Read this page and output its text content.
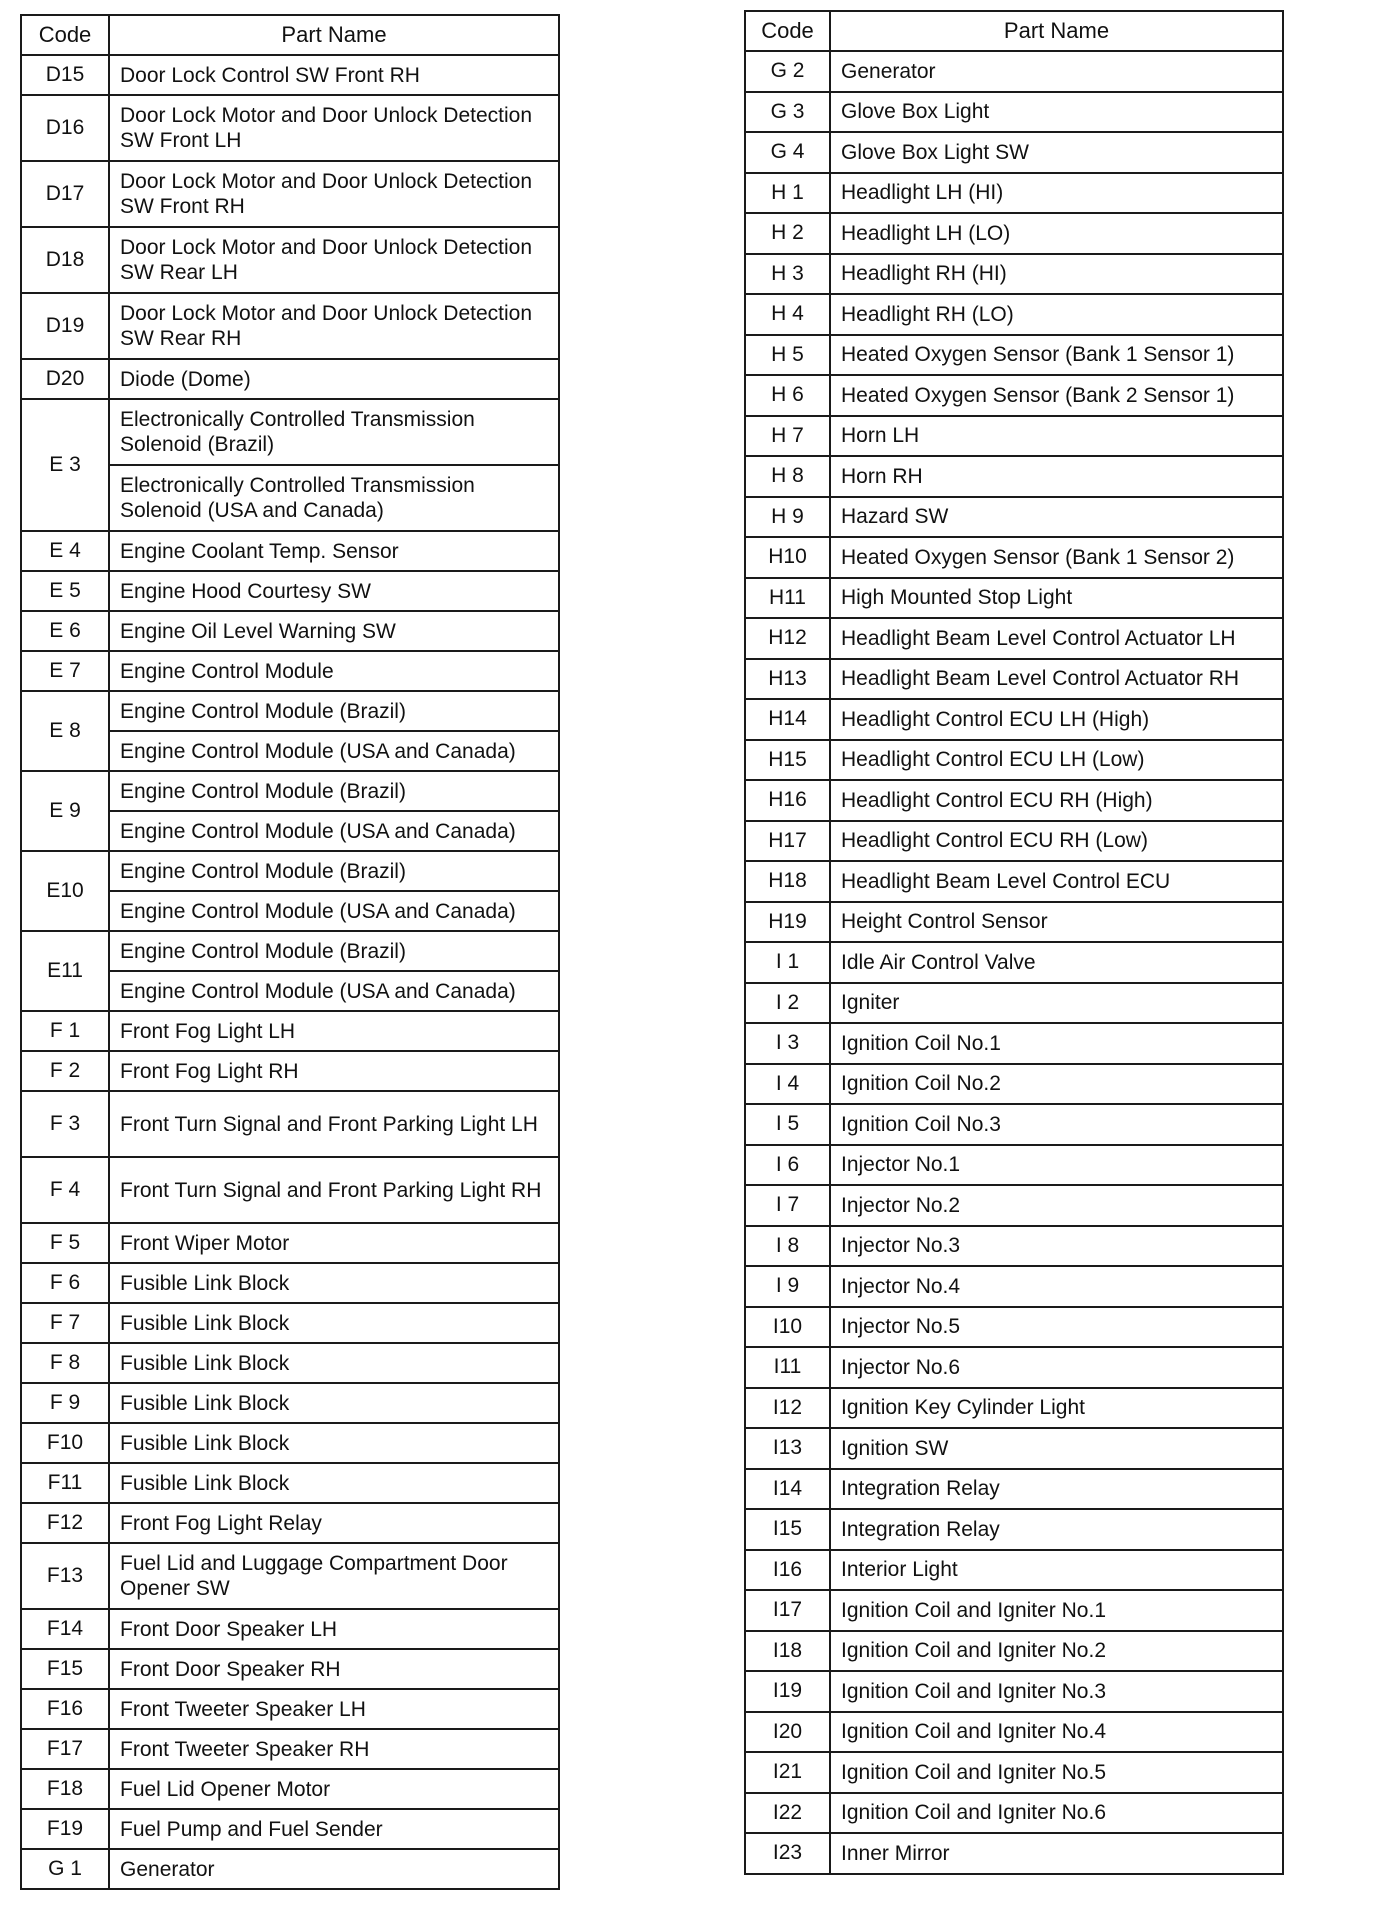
Code	Part Name
D15	Door Lock Control SW Front RH
D16	Door Lock Motor and Door Unlock Detection SW Front LH
D17	Door Lock Motor and Door Unlock Detection SW Front RH
D18	Door Lock Motor and Door Unlock Detection SW Rear LH
D19	Door Lock Motor and Door Unlock Detection SW Rear RH
D20	Diode (Dome)
E 3	Electronically Controlled Transmission Solenoid (Brazil)
	Electronically Controlled Transmission Solenoid (USA and Canada)
E 4	Engine Coolant Temp. Sensor
E 5	Engine Hood Courtesy SW
E 6	Engine Oil Level Warning SW
E 7	Engine Control Module
E 8	Engine Control Module (Brazil)
	Engine Control Module (USA and Canada)
E 9	Engine Control Module (Brazil)
	Engine Control Module (USA and Canada)
E10	Engine Control Module (Brazil)
	Engine Control Module (USA and Canada)
E11	Engine Control Module (Brazil)
	Engine Control Module (USA and Canada)
F 1	Front Fog Light LH
F 2	Front Fog Light RH
F 3	Front Turn Signal and Front Parking Light LH
F 4	Front Turn Signal and Front Parking Light RH
F 5	Front Wiper Motor
F 6	Fusible Link Block
F 7	Fusible Link Block
F 8	Fusible Link Block
F 9	Fusible Link Block
F10	Fusible Link Block
F11	Fusible Link Block
F12	Front Fog Light Relay
F13	Fuel Lid and Luggage Compartment Door Opener SW
F14	Front Door Speaker LH
F15	Front Door Speaker RH
F16	Front Tweeter Speaker LH
F17	Front Tweeter Speaker RH
F18	Fuel Lid Opener Motor
F19	Fuel Pump and Fuel Sender
G 1	Generator
Code	Part Name
G 2	Generator
G 3	Glove Box Light
G 4	Glove Box Light SW
H 1	Headlight LH (HI)
H 2	Headlight LH (LO)
H 3	Headlight RH (HI)
H 4	Headlight RH (LO)
H 5	Heated Oxygen Sensor (Bank 1 Sensor 1)
H 6	Heated Oxygen Sensor (Bank 2 Sensor 1)
H 7	Horn LH
H 8	Horn RH
H 9	Hazard SW
H10	Heated Oxygen Sensor (Bank 1 Sensor 2)
H11	High Mounted Stop Light
H12	Headlight Beam Level Control Actuator LH
H13	Headlight Beam Level Control Actuator RH
H14	Headlight Control ECU LH (High)
H15	Headlight Control ECU LH (Low)
H16	Headlight Control ECU RH (High)
H17	Headlight Control ECU RH (Low)
H18	Headlight Beam Level Control ECU
H19	Height Control Sensor
I 1	Idle Air Control Valve
I 2	Igniter
I 3	Ignition Coil No.1
I 4	Ignition Coil No.2
I 5	Ignition Coil No.3
I 6	Injector No.1
I 7	Injector No.2
I 8	Injector No.3
I 9	Injector No.4
I10	Injector No.5
I11	Injector No.6
I12	Ignition Key Cylinder Light
I13	Ignition SW
I14	Integration Relay
I15	Integration Relay
I16	Interior Light
I17	Ignition Coil and Igniter No.1
I18	Ignition Coil and Igniter No.2
I19	Ignition Coil and Igniter No.3
I20	Ignition Coil and Igniter No.4
I21	Ignition Coil and Igniter No.5
I22	Ignition Coil and Igniter No.6
I23	Inner Mirror
